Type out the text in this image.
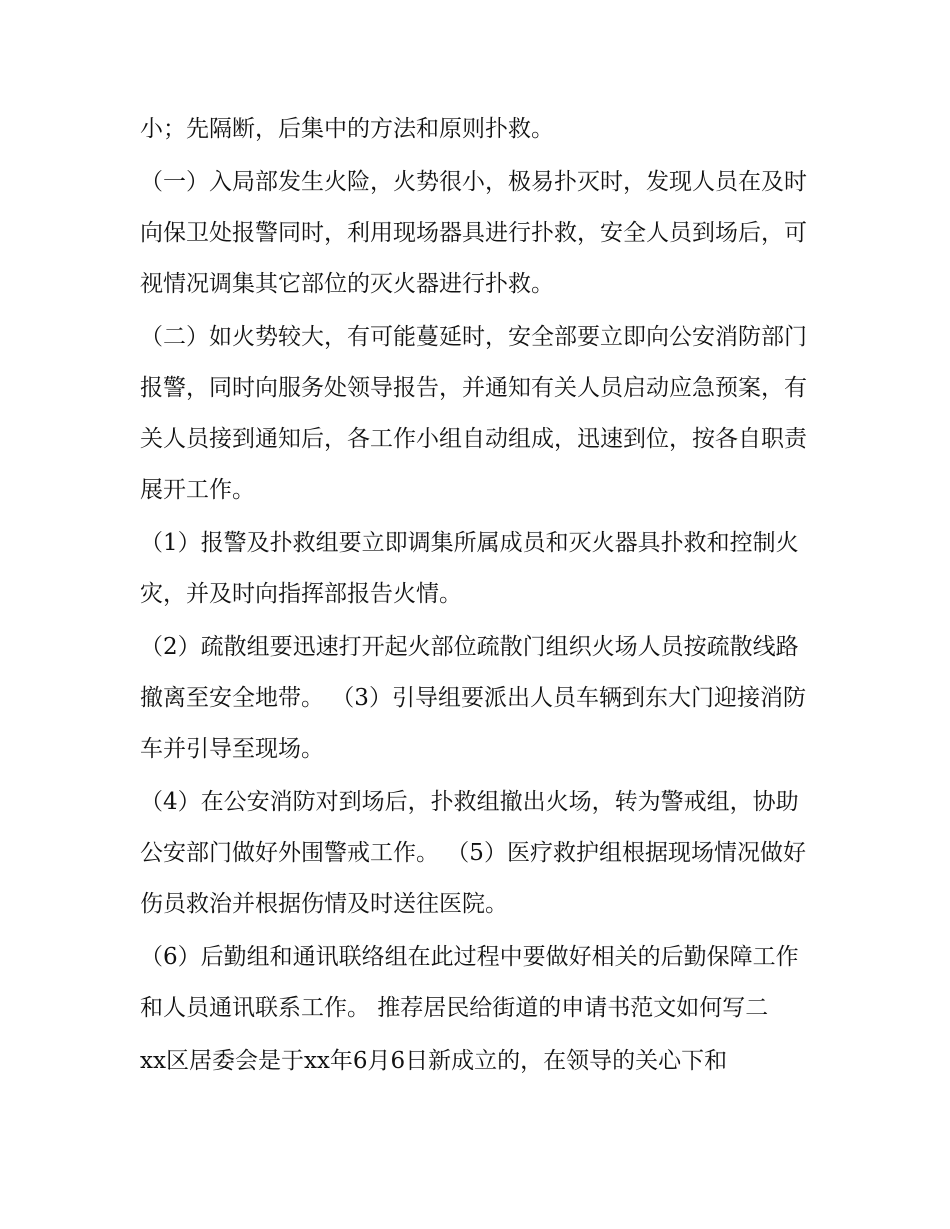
小；先隔断，后集中的方法和原则扑救。

（一）入局部发生火险，火势很小，极易扑灭时，发现人员在及时向保卫处报警同时，利用现场器具进行扑救，安全人员到场后，可视情况调集其它部位的灭火器进行扑救。

（二）如火势较大，有可能蔓延时，安全部要立即向公安消防部门报警，同时向服务处领导报告，并通知有关人员启动应急预案，有关人员接到通知后，各工作小组自动组成，迅速到位，按各自职责展开工作。

（1）报警及扑救组要立即调集所属成员和灭火器具扑救和控制火灾，并及时向指挥部报告火情。

（2）疏散组要迅速打开起火部位疏散门组织火场人员按疏散线路撤离至安全地带。 （3）引导组要派出人员车辆到东大门迎接消防车并引导至现场。

（4）在公安消防对到场后，扑救组撤出火场，转为警戒组，协助公安部门做好外围警戒工作。 （5）医疗救护组根据现场情况做好伤员救治并根据伤情及时送往医院。

（6）后勤组和通讯联络组在此过程中要做好相关的后勤保障工作和人员通讯联系工作。 推荐居民给街道的申请书范文如何写二

xx区居委会是于xx年6月6日新成立的，在领导的关心下和
